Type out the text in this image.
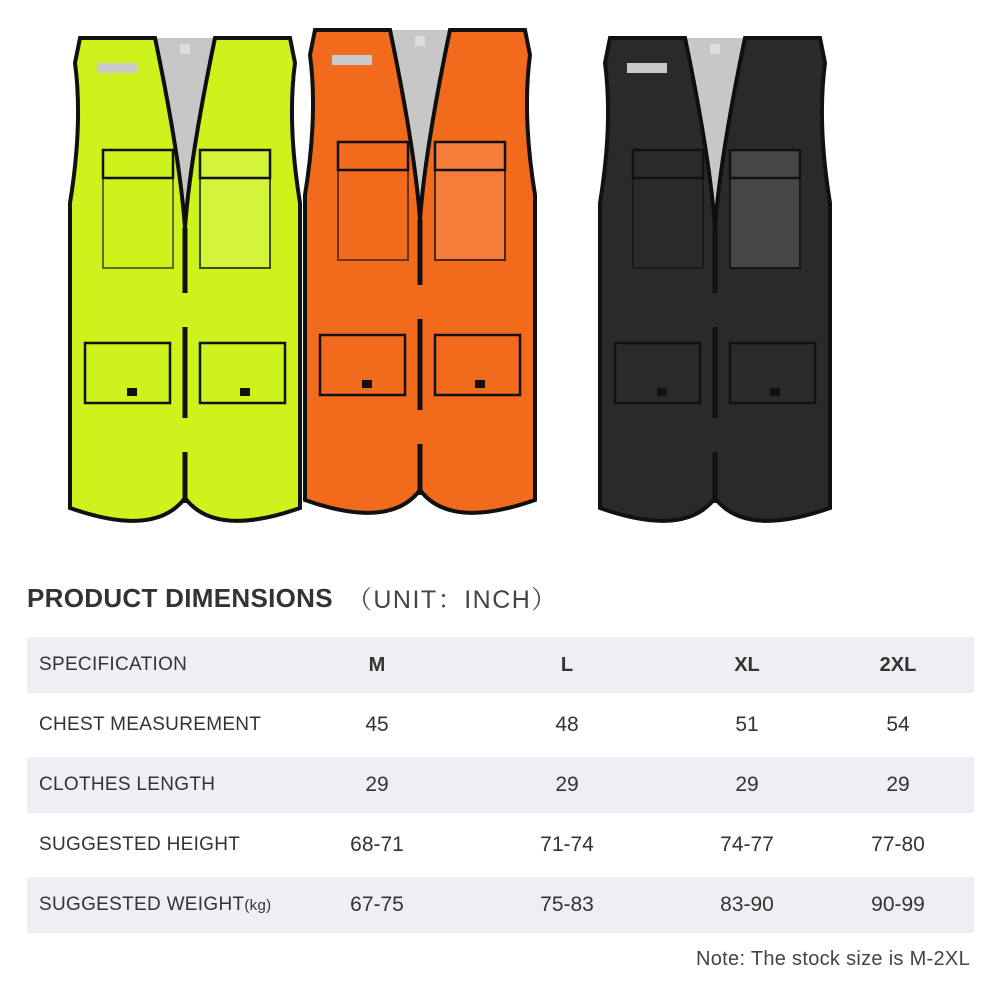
PRODUCT DIMENSIONS （UNIT：INCH）
SPECIFICATION	M	L	XL	2XL
CHEST MEASUREMENT	45	48	51	54
CLOTHES LENGTH	29	29	29	29
SUGGESTED HEIGHT	68-71	71-74	74-77	77-80
SUGGESTED WEIGHT(kg)	67-75	75-83	83-90	90-99
Note: The stock size is M-2XL
